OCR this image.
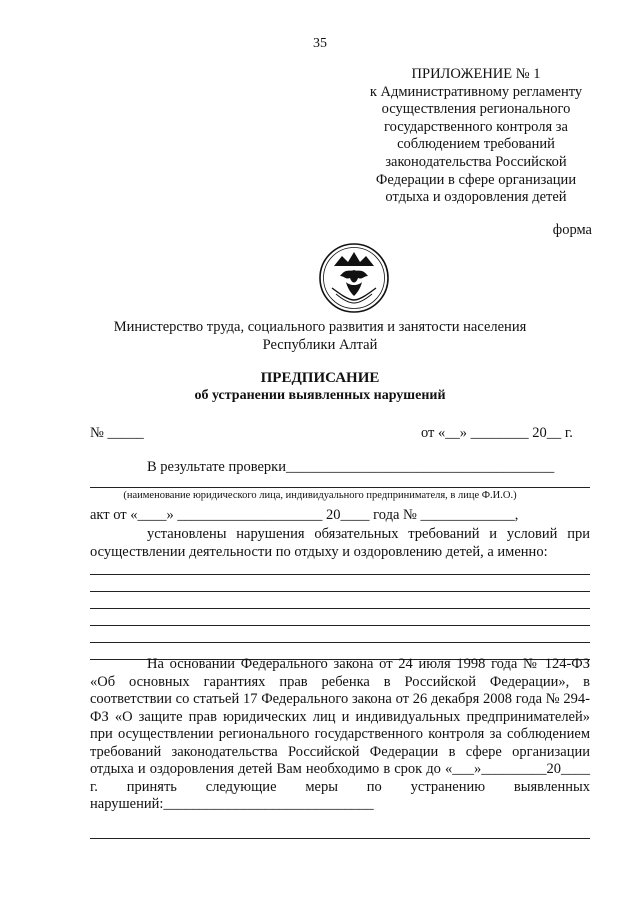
35
ПРИЛОЖЕНИЕ № 1
к Административному регламенту
осуществления регионального
государственного контроля за
соблюдением требований
законодательства Российской
Федерации в сфере организации
отдыха и оздоровления детей
форма
Министерство труда, социального развития и занятости населения
Республики Алтай
ПРЕДПИСАНИЕ
об устранении выявленных нарушений
№ _____	от «__» ________ 20__ г.
В результате проверки_____________________________________
(наименование юридического лица, индивидуального предпринимателя, в лице Ф.И.О.)
акт от «____» ____________________ 20____ года № _____________,
установлены нарушения обязательных требований и условий при осуществлении деятельности по отдыху и оздоровлению детей, а именно:
На основании Федерального закона от 24 июля 1998 года № 124-ФЗ «Об основных гарантиях прав ребенка в Российской Федерации», в соответствии со статьей 17 Федерального закона от 26 декабря 2008 года № 294-ФЗ «О защите прав юридических лиц и индивидуальных предпринимателей» при осуществлении регионального государственного контроля за соблюдением требований законодательства Российской Федерации в сфере организации отдыха и оздоровления детей Вам необходимо в срок до «___»_________20____ г. принять следующие меры по устранению выявленных нарушений:_____________________________
